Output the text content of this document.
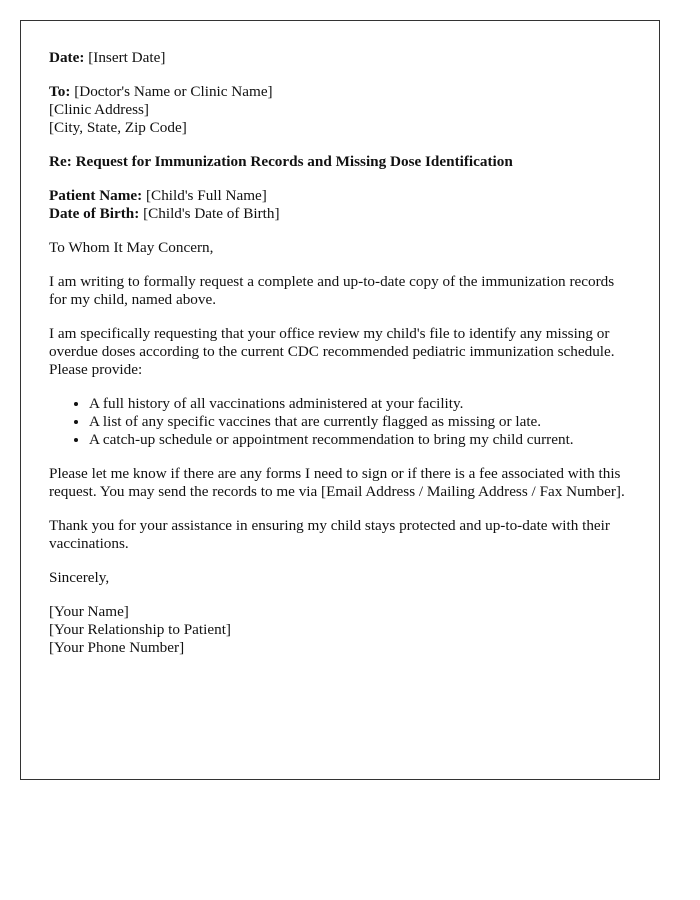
Date: [Insert Date]
To: [Doctor's Name or Clinic Name]
[Clinic Address]
[City, State, Zip Code]
Re: Request for Immunization Records and Missing Dose Identification
Patient Name: [Child's Full Name]
Date of Birth: [Child's Date of Birth]

To Whom It May Concern,

I am writing to formally request a complete and up-to-date copy of the immunization records for my child, named above.

I am specifically requesting that your office review my child's file to identify any missing or overdue doses according to the current CDC recommended pediatric immunization schedule. Please provide:

• A full history of all vaccinations administered at your facility.
• A list of any specific vaccines that are currently flagged as missing or late.
• A catch-up schedule or appointment recommendation to bring my child current.

Please let me know if there are any forms I need to sign or if there is a fee associated with this request. You may send the records to me via [Email Address / Mailing Address / Fax Number].

Thank you for your assistance in ensuring my child stays protected and up-to-date with their vaccinations.

Sincerely,

[Your Name]
[Your Relationship to Patient]
[Your Phone Number]
